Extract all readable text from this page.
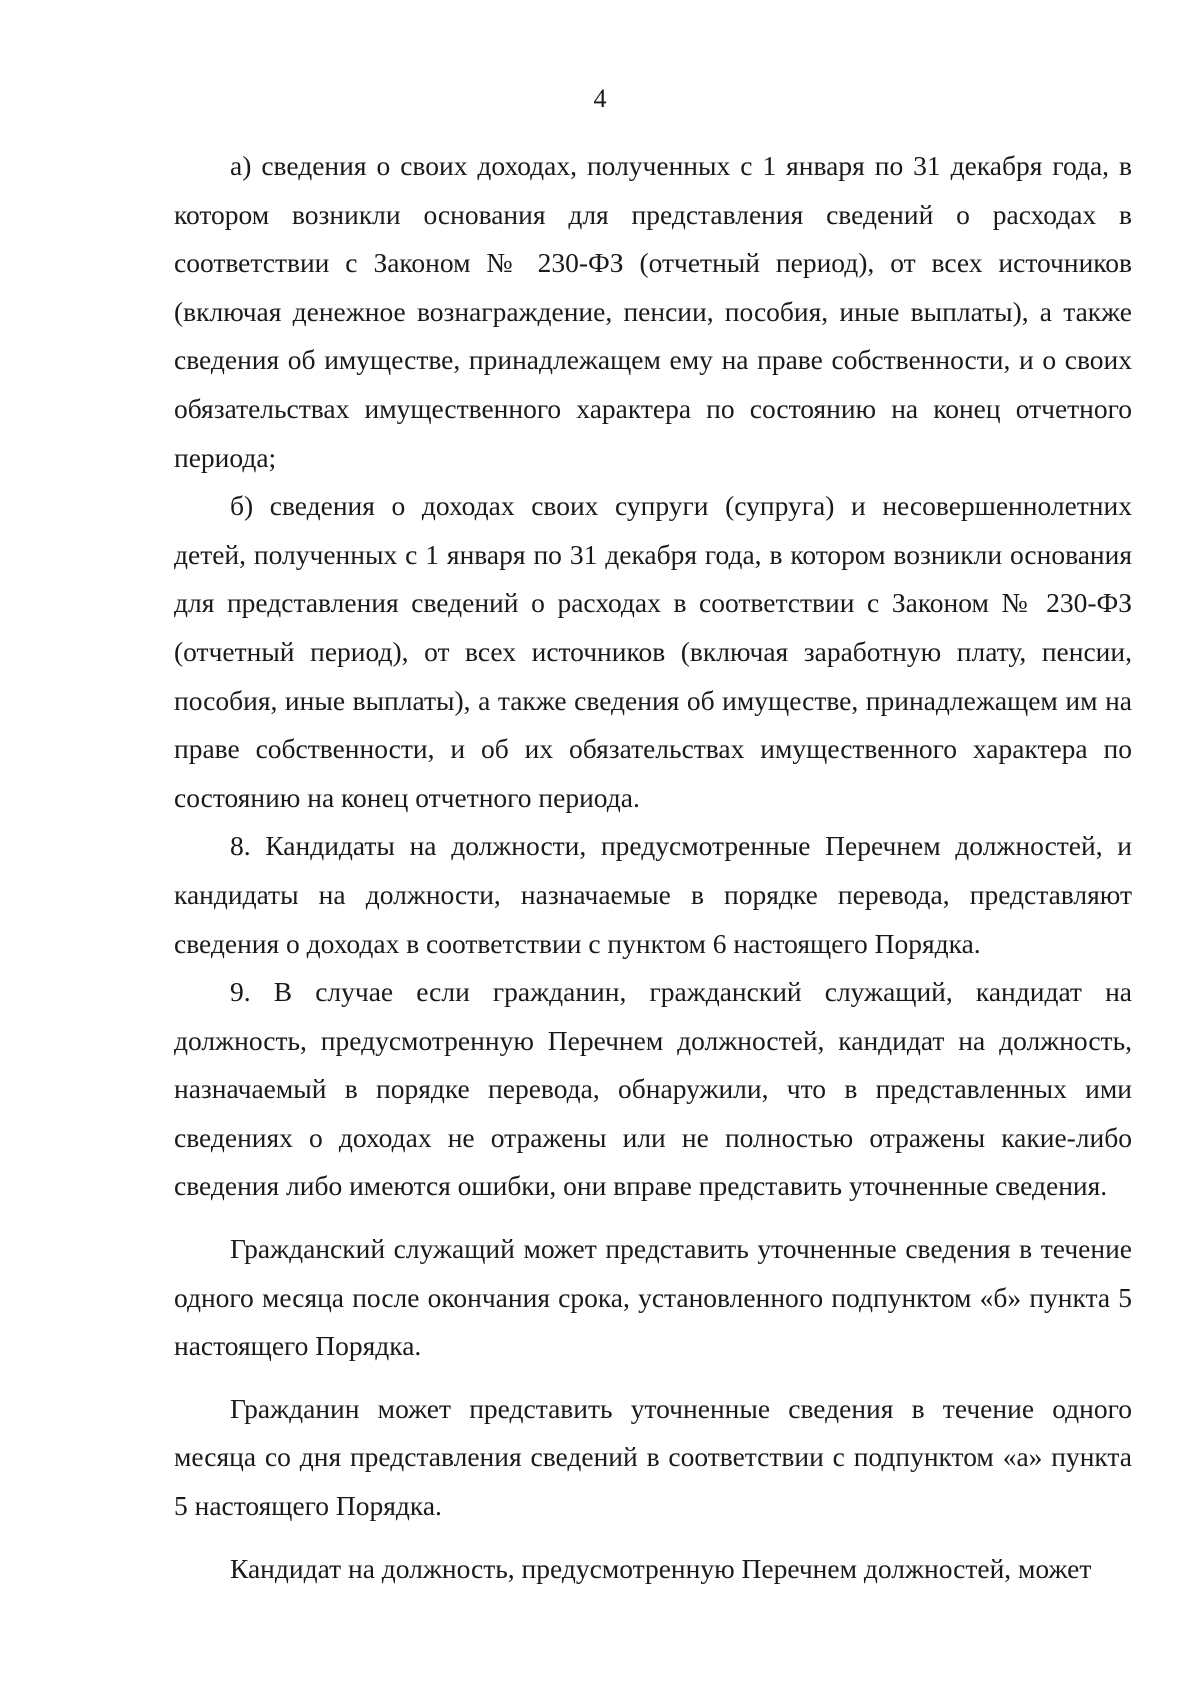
4

а) сведения о своих доходах, полученных с 1 января по 31 декабря года, в котором возникли основания для представления сведений о расходах в соответствии с Законом № 230-ФЗ (отчетный период), от всех источников (включая денежное вознаграждение, пенсии, пособия, иные выплаты), а также сведения об имуществе, принадлежащем ему на праве собственности, и о своих обязательствах имущественного характера по состоянию на конец отчетного периода;

б) сведения о доходах своих супруги (супруга) и несовершеннолетних детей, полученных с 1 января по 31 декабря года, в котором возникли основания для представления сведений о расходах в соответствии с Законом № 230-ФЗ (отчетный период), от всех источников (включая заработную плату, пенсии, пособия, иные выплаты), а также сведения об имуществе, принадлежащем им на праве собственности, и об их обязательствах имущественного характера по состоянию на конец отчетного периода.

8. Кандидаты на должности, предусмотренные Перечнем должностей, и кандидаты на должности, назначаемые в порядке перевода, представляют сведения о доходах в соответствии с пунктом 6 настоящего Порядка.

9. В случае если гражданин, гражданский служащий, кандидат на должность, предусмотренную Перечнем должностей, кандидат на должность, назначаемый в порядке перевода, обнаружили, что в представленных ими сведениях о доходах не отражены или не полностью отражены какие-либо сведения либо имеются ошибки, они вправе представить уточненные сведения.

Гражданский служащий может представить уточненные сведения в течение одного месяца после окончания срока, установленного подпунктом «б» пункта 5 настоящего Порядка.

Гражданин может представить уточненные сведения в течение одного месяца со дня представления сведений в соответствии с подпунктом «а» пункта 5 настоящего Порядка.

Кандидат на должность, предусмотренную Перечнем должностей, может
